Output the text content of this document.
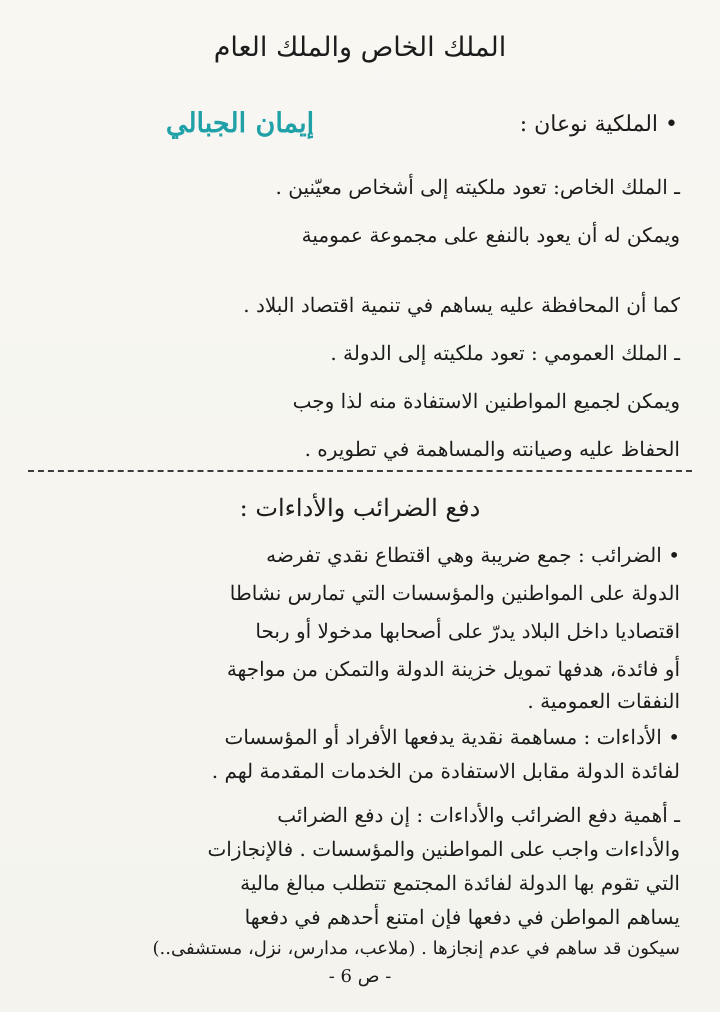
الملك الخاص والملك العام
• الملكية نوعان :
إيمان الجبالي
ـ الملك الخاص: تعود ملكيته إلى أشخاص معيّنين .
ويمكن له أن يعود بالنفع على مجموعة عمومية
كما أن المحافظة عليه يساهم في تنمية اقتصاد البلاد .
ـ الملك العمومي : تعود ملكيته إلى الدولة .
ويمكن لجميع المواطنين الاستفادة منه لذا وجب
الحفاظ عليه وصيانته والمساهمة في تطويره .
دفع الضرائب والأداءات :
• الضرائب : جمع ضريبة وهي اقتطاع نقدي تفرضه
الدولة على المواطنين والمؤسسات التي تمارس نشاطا
اقتصاديا داخل البلاد يدرّ على أصحابها مدخولا أو ربحا
أو فائدة، هدفها تمويل خزينة الدولة والتمكن من مواجهة
النفقات العمومية .
• الأداءات : مساهمة نقدية يدفعها الأفراد أو المؤسسات
لفائدة الدولة مقابل الاستفادة من الخدمات المقدمة لهم .
ـ أهمية دفع الضرائب والأداءات : إن دفع الضرائب
والأداءات واجب على المواطنين والمؤسسات . فالإنجازات
التي تقوم بها الدولة لفائدة المجتمع تتطلب مبالغ مالية
يساهم المواطن في دفعها فإن امتنع أحدهم في دفعها
سيكون قد ساهم في عدم إنجازها . (ملاعب، مدارس، نزل، مستشفى..)
- ص 6 -
